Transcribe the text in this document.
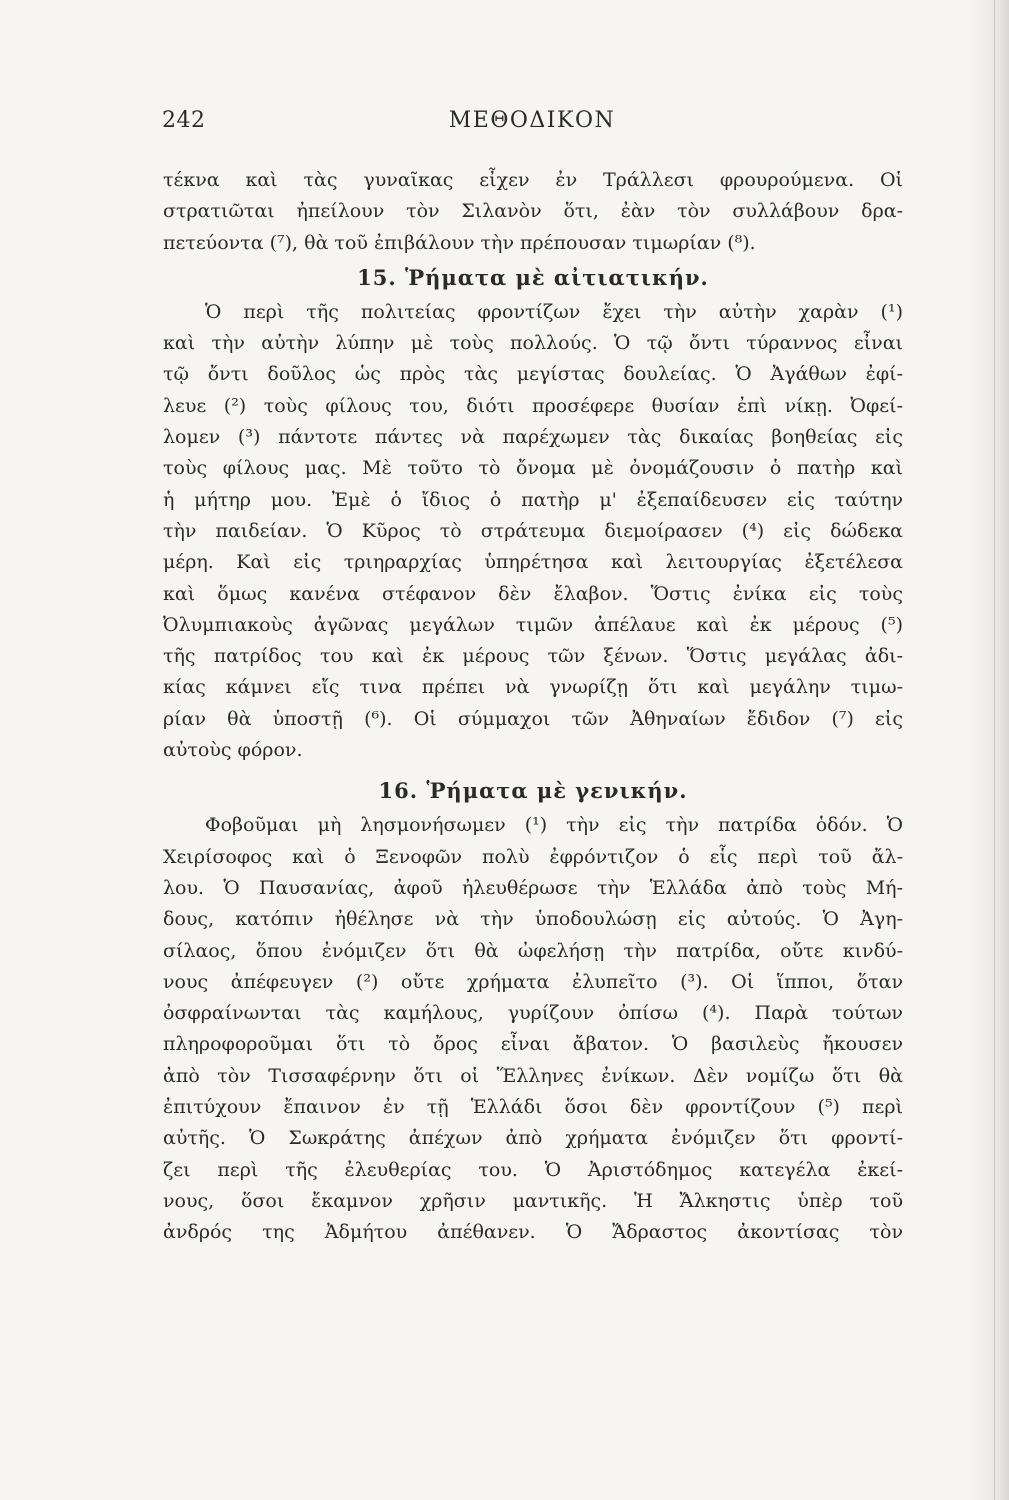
ΜΕΘΟΔΙΚΟΝ
242
τέκνα καὶ τὰς γυναῖκας εἶχεν ἐν Τράλλεσι φρουρούμενα. Οἱ
στρατιῶται ἠπείλουν τὸν Σιλανὸν ὅτι, ἐὰν τὸν συλλάβουν δρα-
πετεύοντα (⁷), θὰ τοῦ ἐπιβάλουν τὴν πρέπουσαν τιμωρίαν (⁸).
15. Ῥήματα μὲ αἰτιατικήν.
Ὁ περὶ τῆς πολιτείας φροντίζων ἔχει τὴν αὐτὴν χαρὰν (¹)
καὶ τὴν αὐτὴν λύπην μὲ τοὺς πολλούς. Ὁ τῷ ὄντι τύραννος εἶναι
τῷ ὄντι δοῦλος ὡς πρὸς τὰς μεγίστας δουλείας. Ὁ Ἀγάθων ἐφί-
λευε (²) τοὺς φίλους του, διότι προσέφερε θυσίαν ἐπὶ νίκῃ. Ὀφεί-
λομεν (³) πάντοτε πάντες νὰ παρέχωμεν τὰς δικαίας βοηθείας εἰς
τοὺς φίλους μας. Μὲ τοῦτο τὸ ὄνομα μὲ ὀνομάζουσιν ὁ πατὴρ καὶ
ἡ μήτηρ μου. Ἐμὲ ὁ ἴδιος ὁ πατὴρ μ' ἐξεπαίδευσεν εἰς ταύτην
τὴν παιδείαν. Ὁ Κῦρος τὸ στράτευμα διεμοίρασεν (⁴) εἰς δώδεκα
μέρη. Καὶ εἰς τριηραρχίας ὑπηρέτησα καὶ λειτουργίας ἐξετέλεσα
καὶ ὅμως κανένα στέφανον δὲν ἔλαβον. Ὅστις ἐνίκα εἰς τοὺς
Ὀλυμπιακοὺς ἀγῶνας μεγάλων τιμῶν ἀπέλαυε καὶ ἐκ μέρους (⁵)
τῆς πατρίδος του καὶ ἐκ μέρους τῶν ξένων. Ὅστις μεγάλας ἀδι-
κίας κάμνει εἴς τινα πρέπει νὰ γνωρίζῃ ὅτι καὶ μεγάλην τιμω-
ρίαν θὰ ὑποστῇ (⁶). Οἱ σύμμαχοι τῶν Ἀθηναίων ἔδιδον (⁷) εἰς
αὐτοὺς φόρον.
16. Ῥήματα μὲ γενικήν.
Φοβοῦμαι μὴ λησμονήσωμεν (¹) τὴν εἰς τὴν πατρίδα ὁδόν. Ὁ
Χειρίσοφος καὶ ὁ Ξενοφῶν πολὺ ἐφρόντιζον ὁ εἷς περὶ τοῦ ἄλ-
λου. Ὁ Παυσανίας, ἀφοῦ ἠλευθέρωσε τὴν Ἑλλάδα ἀπὸ τοὺς Μή-
δους, κατόπιν ἠθέλησε νὰ τὴν ὑποδουλώσῃ εἰς αὐτούς. Ὁ Ἀγη-
σίλαος, ὅπου ἐνόμιζεν ὅτι θὰ ὠφελήσῃ τὴν πατρίδα, οὔτε κινδύ-
νους ἀπέφευγεν (²) οὔτε χρήματα ἐλυπεῖτο (³). Οἱ ἵπποι, ὅταν
ὀσφραίνωνται τὰς καμήλους, γυρίζουν ὀπίσω (⁴). Παρὰ τούτων
πληροφοροῦμαι ὅτι τὸ ὄρος εἶναι ἄβατον. Ὁ βασιλεὺς ἤκουσεν
ἀπὸ τὸν Τισσαφέρνην ὅτι οἱ Ἕλληνες ἐνίκων. Δὲν νομίζω ὅτι θὰ
ἐπιτύχουν ἔπαινον ἐν τῇ Ἑλλάδι ὅσοι δὲν φροντίζουν (⁵) περὶ
αὐτῆς. Ὁ Σωκράτης ἀπέχων ἀπὸ χρήματα ἐνόμιζεν ὅτι φροντί-
ζει περὶ τῆς ἐλευθερίας του. Ὁ Ἀριστόδημος κατεγέλα ἐκεί-
νους, ὅσοι ἔκαμνον χρῆσιν μαντικῆς. Ἡ Ἄλκηστις ὑπὲρ τοῦ
ἀνδρός της Ἀδμήτου ἀπέθανεν. Ὁ Ἄδραστος ἀκοντίσας τὸν
